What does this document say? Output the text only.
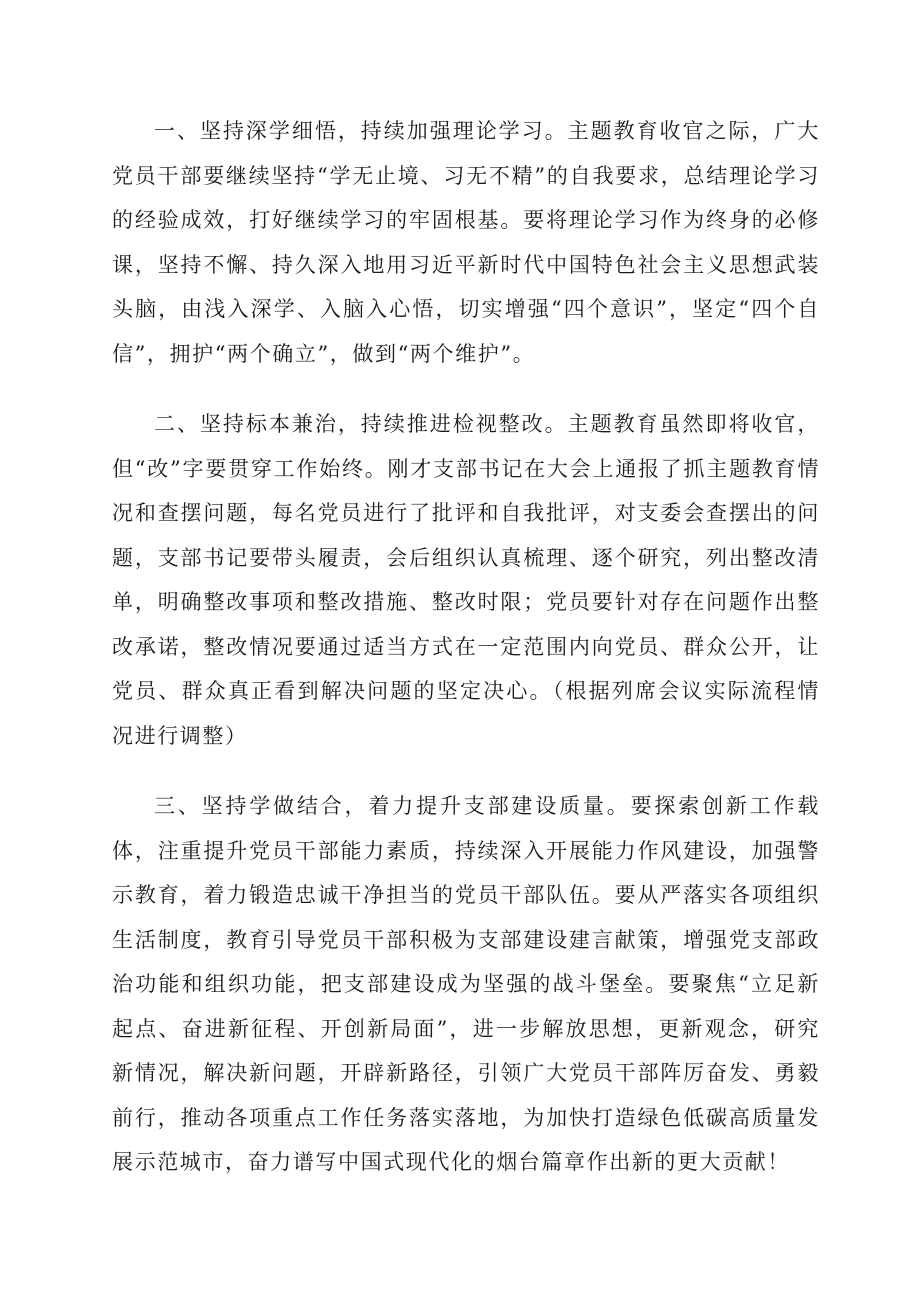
一、坚持深学细悟，持续加强理论学习。主题教育收官之际，广大党员干部要继续坚持“学无止境、习无不精”的自我要求，总结理论学习的经验成效，打好继续学习的牢固根基。要将理论学习作为终身的必修课，坚持不懈、持久深入地用习近平新时代中国特色社会主义思想武装头脑，由浅入深学、入脑入心悟，切实增强“四个意识”，坚定“四个自信”，拥护“两个确立”，做到“两个维护”。

二、坚持标本兼治，持续推进检视整改。主题教育虽然即将收官，但“改”字要贯穿工作始终。刚才支部书记在大会上通报了抓主题教育情况和查摆问题，每名党员进行了批评和自我批评，对支委会查摆出的问题，支部书记要带头履责，会后组织认真梳理、逐个研究，列出整改清单，明确整改事项和整改措施、整改时限；党员要针对存在问题作出整改承诺，整改情况要通过适当方式在一定范围内向党员、群众公开，让党员、群众真正看到解决问题的坚定决心。（根据列席会议实际流程情况进行调整）

三、坚持学做结合，着力提升支部建设质量。要探索创新工作载体，注重提升党员干部能力素质，持续深入开展能力作风建设，加强警示教育，着力锻造忠诚干净担当的党员干部队伍。要从严落实各项组织生活制度，教育引导党员干部积极为支部建设建言献策，增强党支部政治功能和组织功能，把支部建设成为坚强的战斗堡垒。要聚焦“立足新起点、奋进新征程、开创新局面”，进一步解放思想，更新观念，研究新情况，解决新问题，开辟新路径，引领广大党员干部阵厉奋发、勇毅前行，推动各项重点工作任务落实落地，为加快打造绿色低碳高质量发展示范城市，奋力谱写中国式现代化的烟台篇章作出新的更大贡献！
